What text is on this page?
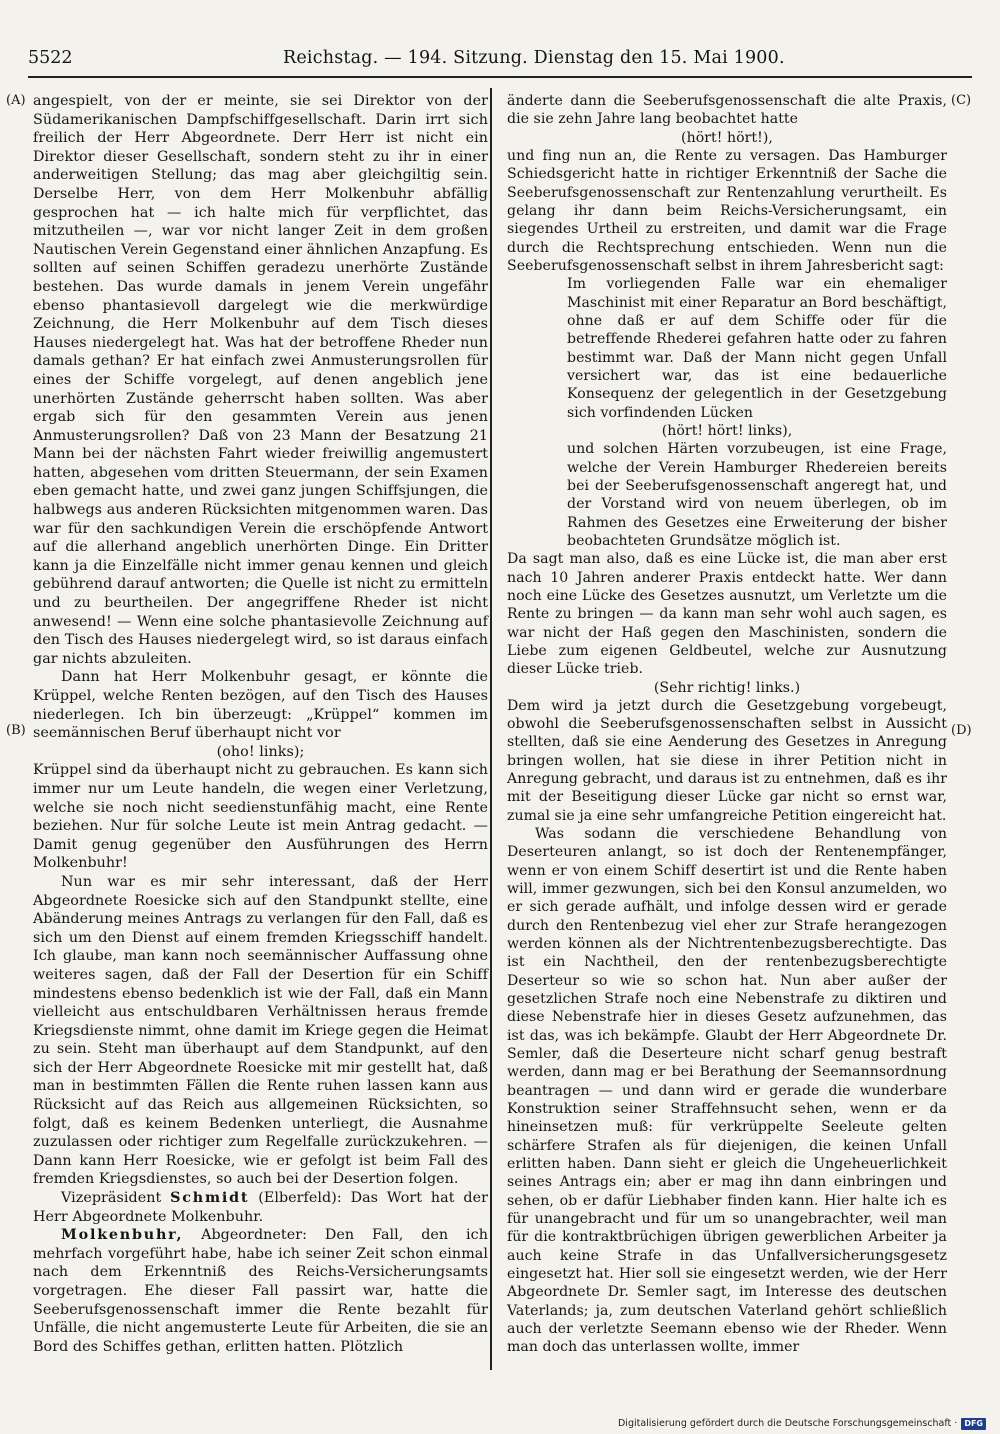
5522	Reichstag. — 194. Sitzung. Dienstag den 15. Mai 1900.
(A)
(B)
(C)
(D)

angespielt, von der er meinte, sie sei Direktor von der Südamerikanischen Dampfschiffgesellschaft. Darin irrt sich freilich der Herr Abgeordnete. Derr Herr ist nicht ein Direktor dieser Gesellschaft, sondern steht zu ihr in einer anderweitigen Stellung; das mag aber gleichgiltig sein. Derselbe Herr, von dem Herr Molkenbuhr abfällig gesprochen hat — ich halte mich für verpflichtet, das mitzutheilen —, war vor nicht langer Zeit in dem großen Nautischen Verein Gegenstand einer ähnlichen Anzapfung. Es sollten auf seinen Schiffen geradezu unerhörte Zustände bestehen. Das wurde damals in jenem Verein ungefähr ebenso phantasievoll dargelegt wie die merkwürdige Zeichnung, die Herr Molkenbuhr auf dem Tisch dieses Hauses niedergelegt hat. Was hat der betroffene Rheder nun damals gethan? Er hat einfach zwei Anmusterungsrollen für eines der Schiffe vorgelegt, auf denen angeblich jene unerhörten Zustände geherrscht haben sollten. Was aber ergab sich für den gesammten Verein aus jenen Anmusterungsrollen? Daß von 23 Mann der Besatzung 21 Mann bei der nächsten Fahrt wieder freiwillig angemustert hatten, abgesehen vom dritten Steuermann, der sein Examen eben gemacht hatte, und zwei ganz jungen Schiffsjungen, die halbwegs aus anderen Rücksichten mitgenommen waren. Das war für den sachkundigen Verein die erschöpfende Antwort auf die allerhand angeblich unerhörten Dinge. Ein Dritter kann ja die Einzelfälle nicht immer genau kennen und gleich gebührend darauf antworten; die Quelle ist nicht zu ermitteln und zu beurtheilen. Der angegriffene Rheder ist nicht anwesend! — Wenn eine solche phantasievolle Zeichnung auf den Tisch des Hauses niedergelegt wird, so ist daraus einfach gar nichts abzuleiten.

Dann hat Herr Molkenbuhr gesagt, er könnte die Krüppel, welche Renten bezögen, auf den Tisch des Hauses niederlegen. Ich bin überzeugt: „Krüppel“ kommen im seemännischen Beruf überhaupt nicht vor

(oho! links);

Krüppel sind da überhaupt nicht zu gebrauchen. Es kann sich immer nur um Leute handeln, die wegen einer Verletzung, welche sie noch nicht seedienstunfähig macht, eine Rente beziehen. Nur für solche Leute ist mein Antrag gedacht. — Damit genug gegenüber den Ausführungen des Herrn Molkenbuhr!

Nun war es mir sehr interessant, daß der Herr Abgeordnete Roesicke sich auf den Standpunkt stellte, eine Abänderung meines Antrags zu verlangen für den Fall, daß es sich um den Dienst auf einem fremden Kriegsschiff handelt. Ich glaube, man kann noch seemännischer Auffassung ohne weiteres sagen, daß der Fall der Desertion für ein Schiff mindestens ebenso bedenklich ist wie der Fall, daß ein Mann vielleicht aus entschuldbaren Verhältnissen heraus fremde Kriegsdienste nimmt, ohne damit im Kriege gegen die Heimat zu sein. Steht man überhaupt auf dem Standpunkt, auf den sich der Herr Abgeordnete Roesicke mit mir gestellt hat, daß man in bestimmten Fällen die Rente ruhen lassen kann aus Rücksicht auf das Reich aus allgemeinen Rücksichten, so folgt, daß es keinem Bedenken unterliegt, die Ausnahme zuzulassen oder richtiger zum Regelfalle zurückzukehren. — Dann kann Herr Roesicke, wie er gefolgt ist beim Fall des fremden Kriegsdienstes, so auch bei der Desertion folgen.

Vizepräsident Schmidt (Elberfeld): Das Wort hat der Herr Abgeordnete Molkenbuhr.

Molkenbuhr, Abgeordneter: Den Fall, den ich mehrfach vorgeführt habe, habe ich seiner Zeit schon einmal nach dem Erkenntniß des Reichs-Versicherungsamts vorgetragen. Ehe dieser Fall passirt war, hatte die Seeberufsgenossenschaft immer die Rente bezahlt für Unfälle, die nicht angemusterte Leute für Arbeiten, die sie an Bord des Schiffes gethan, erlitten hatten. Plötzlich

änderte dann die Seeberufsgenossenschaft die alte Praxis, die sie zehn Jahre lang beobachtet hatte

(hört! hört!),

und fing nun an, die Rente zu versagen. Das Hamburger Schiedsgericht hatte in richtiger Erkenntniß der Sache die Seeberufsgenossenschaft zur Rentenzahlung verurtheilt. Es gelang ihr dann beim Reichs-Versicherungsamt, ein siegendes Urtheil zu erstreiten, und damit war die Frage durch die Rechtsprechung entschieden. Wenn nun die Seeberufsgenossenschaft selbst in ihrem Jahresbericht sagt:

Im vorliegenden Falle war ein ehemaliger Maschinist mit einer Reparatur an Bord beschäftigt, ohne daß er auf dem Schiffe oder für die betreffende Rhederei gefahren hatte oder zu fahren bestimmt war. Daß der Mann nicht gegen Unfall versichert war, das ist eine bedauerliche Konsequenz der gelegentlich in der Gesetzgebung sich vorfindenden Lücken

(hört! hört! links),

und solchen Härten vorzubeugen, ist eine Frage, welche der Verein Hamburger Rhedereien bereits bei der Seeberufsgenossenschaft angeregt hat, und der Vorstand wird von neuem überlegen, ob im Rahmen des Gesetzes eine Erweiterung der bisher beobachteten Grundsätze möglich ist.

Da sagt man also, daß es eine Lücke ist, die man aber erst nach 10 Jahren anderer Praxis entdeckt hatte. Wer dann noch eine Lücke des Gesetzes ausnutzt, um Verletzte um die Rente zu bringen — da kann man sehr wohl auch sagen, es war nicht der Haß gegen den Maschinisten, sondern die Liebe zum eigenen Geldbeutel, welche zur Ausnutzung dieser Lücke trieb.

(Sehr richtig! links.)

Dem wird ja jetzt durch die Gesetzgebung vorgebeugt, obwohl die Seeberufsgenossenschaften selbst in Aussicht stellten, daß sie eine Aenderung des Gesetzes in Anregung bringen wollen, hat sie diese in ihrer Petition nicht in Anregung gebracht, und daraus ist zu entnehmen, daß es ihr mit der Beseitigung dieser Lücke gar nicht so ernst war, zumal sie ja eine sehr umfangreiche Petition eingereicht hat.

Was sodann die verschiedene Behandlung von Deserteuren anlangt, so ist doch der Rentenempfänger, wenn er von einem Schiff desertirt ist und die Rente haben will, immer gezwungen, sich bei den Konsul anzumelden, wo er sich gerade aufhält, und infolge dessen wird er gerade durch den Rentenbezug viel eher zur Strafe herangezogen werden können als der Nichtrentenbezugsberechtigte. Das ist ein Nachtheil, den der rentenbezugsberechtigte Deserteur so wie so schon hat. Nun aber außer der gesetzlichen Strafe noch eine Nebenstrafe zu diktiren und diese Nebenstrafe hier in dieses Gesetz aufzunehmen, das ist das, was ich bekämpfe. Glaubt der Herr Abgeordnete Dr. Semler, daß die Deserteure nicht scharf genug bestraft werden, dann mag er bei Berathung der Seemannsordnung beantragen — und dann wird er gerade die wunderbare Konstruktion seiner Straffehnsucht sehen, wenn er da hineinsetzen muß: für verkrüppelte Seeleute gelten schärfere Strafen als für diejenigen, die keinen Unfall erlitten haben. Dann sieht er gleich die Ungeheuerlichkeit seines Antrags ein; aber er mag ihn dann einbringen und sehen, ob er dafür Liebhaber finden kann. Hier halte ich es für unangebracht und für um so unangebrachter, weil man für die kontraktbrüchigen übrigen gewerblichen Arbeiter ja auch keine Strafe in das Unfallversicherungsgesetz eingesetzt hat. Hier soll sie eingesetzt werden, wie der Herr Abgeordnete Dr. Semler sagt, im Interesse des deutschen Vaterlands; ja, zum deutschen Vaterland gehört schließlich auch der verletzte Seemann ebenso wie der Rheder. Wenn man doch das unterlassen wollte, immer

Digitalisierung gefördert durch die Deutsche Forschungsgemeinschaft · DFG
